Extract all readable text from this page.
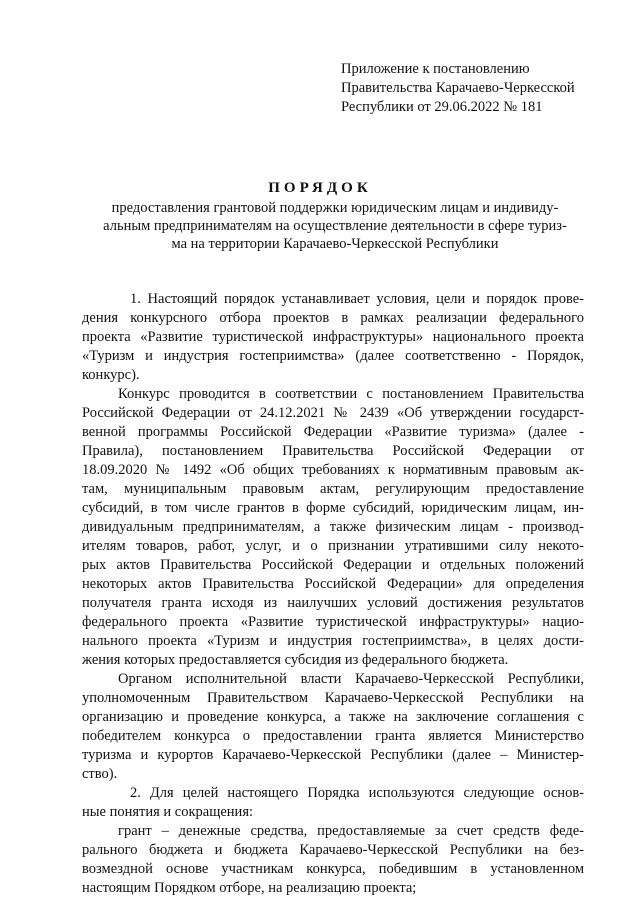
Приложение к постановлению
Правительства Карачаево-Черкесской
Республики от 29.06.2022 № 181
ПОРЯДОК
предоставления грантовой поддержки юридическим лицам и индивиду-
альным предпринимателям на осуществление деятельности в сфере туриз-
ма на территории Карачаево-Черкесской Республики
1. Настоящий порядок устанавливает условия, цели и порядок прове-
дения конкурсного отбора проектов в рамках реализации федерального
проекта «Развитие туристической инфраструктуры» национального проекта
«Туризм и индустрия гостеприимства» (далее соответственно - Порядок,
конкурс).
Конкурс проводится в соответствии с постановлением Правительства
Российской Федерации от 24.12.2021 № 2439 «Об утверждении государст-
венной программы Российской Федерации «Развитие туризма» (далее -
Правила), постановлением Правительства Российской Федерации от
18.09.2020 № 1492 «Об общих требованиях к нормативным правовым ак-
там, муниципальным правовым актам, регулирующим предоставление
субсидий, в том числе грантов в форме субсидий, юридическим лицам, ин-
дивидуальным предпринимателям, а также физическим лицам - производ-
ителям товаров, работ, услуг, и о признании утратившими силу некото-
рых актов Правительства Российской Федерации и отдельных положений
некоторых актов Правительства Российской Федерации» для определения
получателя гранта исходя из наилучших условий достижения результатов
федерального проекта «Развитие туристической инфраструктуры» нацио-
нального проекта «Туризм и индустрия гостеприимства», в целях дости-
жения которых предоставляется субсидия из федерального бюджета.
Органом исполнительной власти Карачаево-Черкесской Республики,
уполномоченным Правительством Карачаево-Черкесской Республики на
организацию и проведение конкурса, а также на заключение соглашения с
победителем конкурса о предоставлении гранта является Министерство
туризма и курортов Карачаево-Черкесской Республики (далее – Министер-
ство).
2. Для целей настоящего Порядка используются следующие основ-
ные понятия и сокращения:
грант – денежные средства, предоставляемые за счет средств феде-
рального бюджета и бюджета Карачаево-Черкесской Республики на без-
возмездной основе участникам конкурса, победившим в установленном
настоящим Порядком отборе, на реализацию проекта;
